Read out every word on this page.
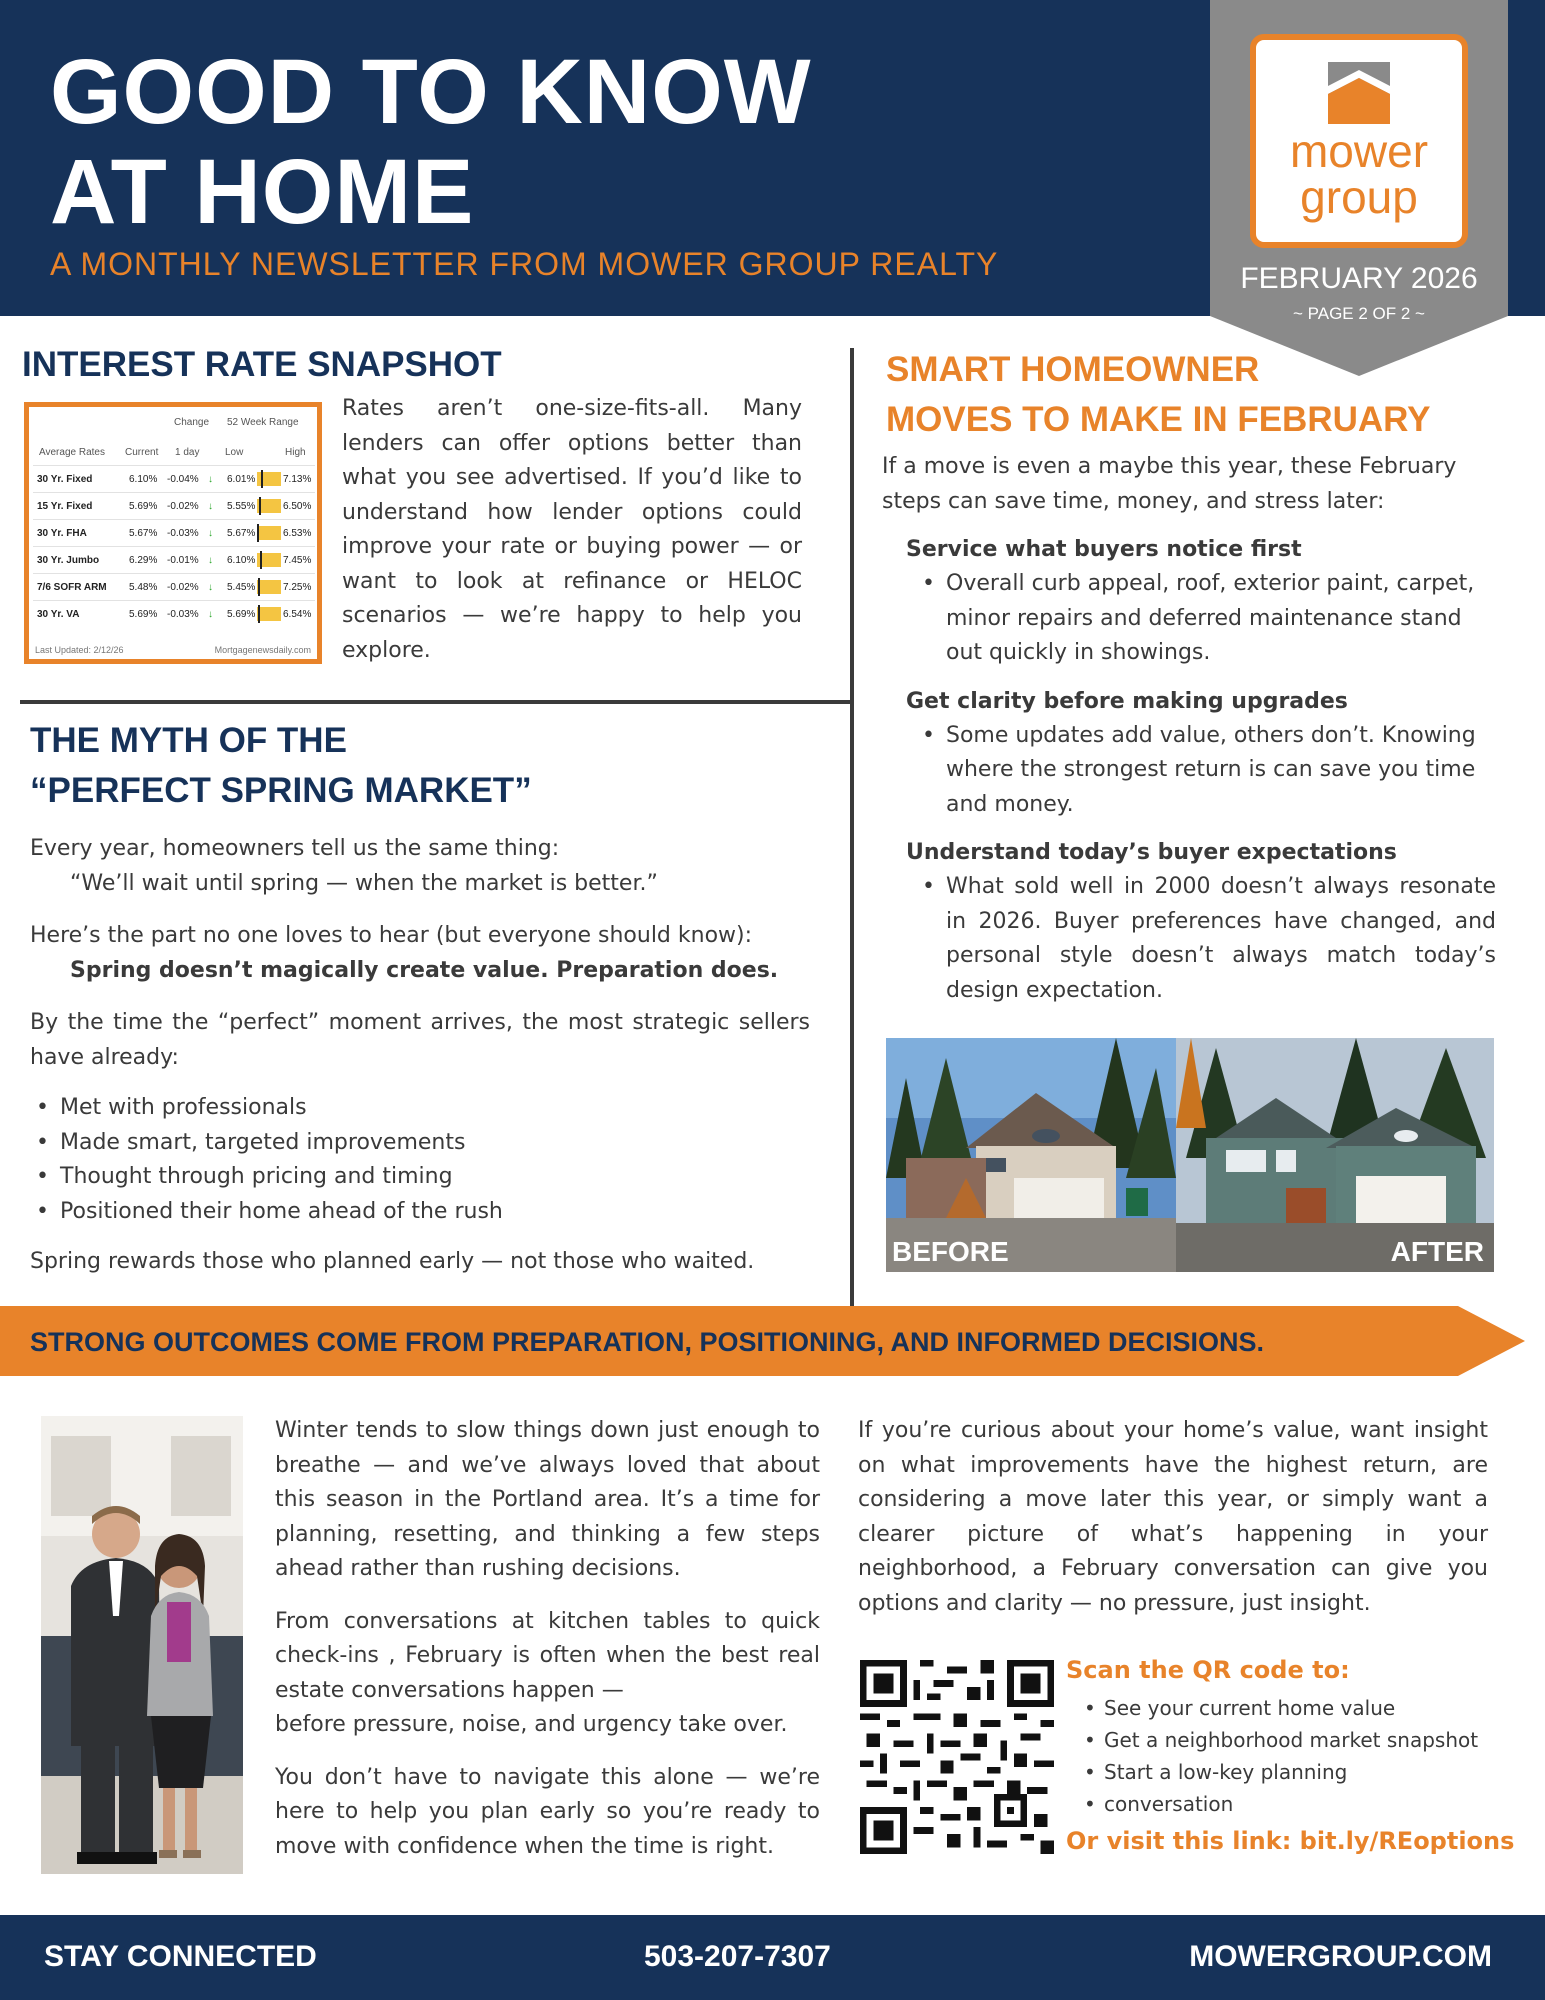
GOOD TO KNOW
AT HOME
A MONTHLY NEWSLETTER FROM MOWER GROUP REALTY
mower
group
FEBRUARY 2026
~ PAGE 2 OF 2 ~
INTEREST RATE SNAPSHOT
Change 52 Week Range
Average Rates Current 1 day	Low	High
30 Yr. Fixed	6.10% -0.04% ↓ 6.01%	7.13%
15 Yr. Fixed	5.69% -0.02% ↓ 5.55%	6.50%
30 Yr. FHA	5.67% -0.03% ↓ 5.67%	6.53%
30 Yr. Jumbo	6.29% -0.01% ↓ 6.10%	7.45%
7/6 SOFR ARM 5.48% -0.02% ↓ 5.45%	7.25%
30 Yr. VA	5.69% -0.03% ↓ 5.69%	6.54%
Last Updated: 2/12/26	Mortgagenewsdaily.com
Rates aren’t one-size-fits-all. Many lenders can offer options better than what you see advertised. If you’d like to understand how lender options could improve your rate or buying power — or want to look at refinance or HELOC scenarios — we’re happy to help you explore.
THE MYTH OF THE
“PERFECT SPRING MARKET”
Every year, homeowners tell us the same thing:
“We’ll wait until spring — when the market is better.”
Here’s the part no one loves to hear (but everyone should know):
Spring doesn’t magically create value. Preparation does.
By the time the “perfect” moment arrives, the most strategic sellers have already:
• Met with professionals
• Made smart, targeted improvements
• Thought through pricing and timing
• Positioned their home ahead of the rush
Spring rewards those who planned early — not those who waited.
SMART HOMEOWNER
MOVES TO MAKE IN FEBRUARY
If a move is even a maybe this year, these February steps can save time, money, and stress later:
Service what buyers notice first
• Overall curb appeal, roof, exterior paint, carpet, minor repairs and deferred maintenance stand out quickly in showings.
Get clarity before making upgrades
• Some updates add value, others don’t. Knowing where the strongest return is can save you time and money.
Understand today’s buyer expectations
• What sold well in 2000 doesn’t always resonate in 2026. Buyer preferences have changed, and personal style doesn’t always match today’s design expectation.
BEFORE	AFTER
STRONG OUTCOMES COME FROM PREPARATION, POSITIONING, AND INFORMED DECISIONS.
Winter tends to slow things down just enough to breathe — and we’ve always loved that about this season in the Portland area. It’s a time for planning, resetting, and thinking a few steps ahead rather than rushing decisions.
From conversations at kitchen tables to quick check-ins , February is often when the best real estate conversations happen —
before pressure, noise, and urgency take over.
You don’t have to navigate this alone — we’re here to help you plan early so you’re ready to move with confidence when the time is right.
If you’re curious about your home’s value, want insight on what improvements have the highest return, are considering a move later this year, or simply want a clearer picture of what’s happening in your neighborhood, a February conversation can give you options and clarity — no pressure, just insight.
Scan the QR code to:
• See your current home value
• Get a neighborhood market snapshot
• Start a low-key planning
• conversation
Or visit this link: bit.ly/REoptions
STAY CONNECTED	503-207-7307	MOWERGROUP.COM
